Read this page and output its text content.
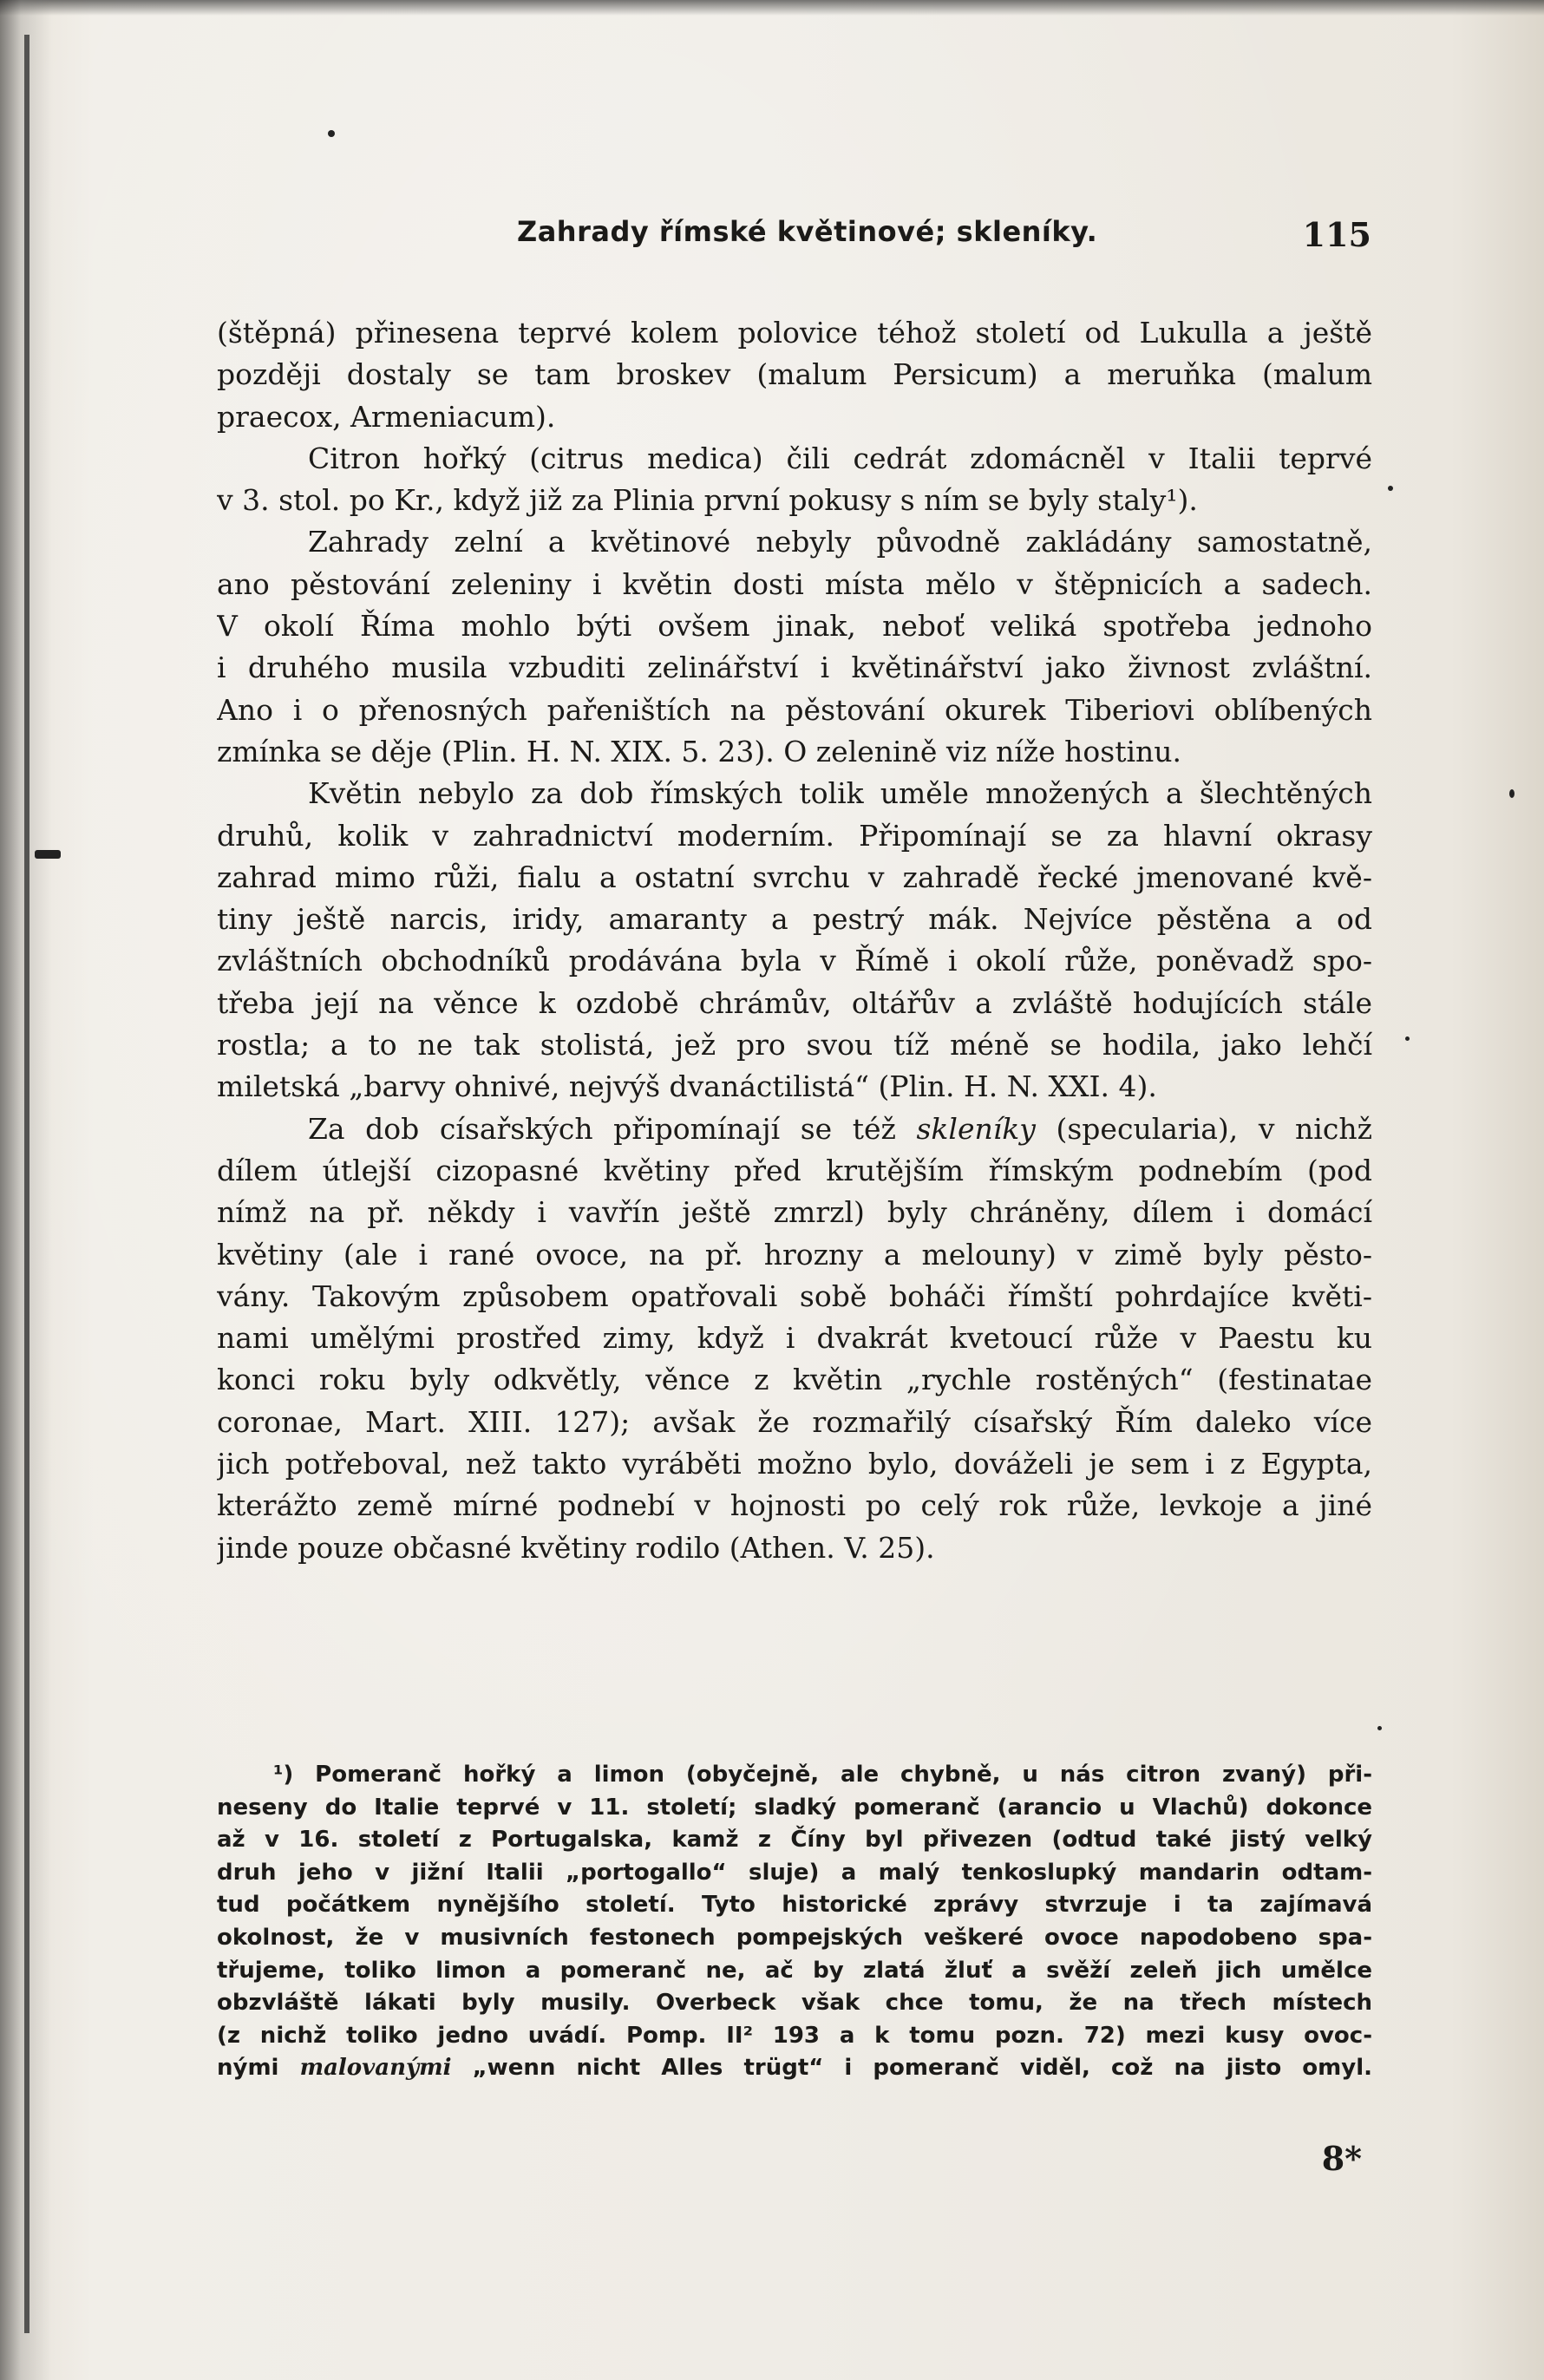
Zahrady římské květinové; skleníky.	115
(štěpná) přinesena teprvé kolem polovice téhož století od Lukulla a ještě
později dostaly se tam broskev (malum Persicum) a meruňka (malum
praecox, Armeniacum).
Citron hořký (citrus medica) čili cedrát zdomácněl v Italii teprvé
v 3. stol. po Kr., když již za Plinia první pokusy s ním se byly staly¹).
Zahrady zelní a květinové nebyly původně zakládány samostatně,
ano pěstování zeleniny i květin dosti místa mělo v štěpnicích a sadech.
V okolí Říma mohlo býti ovšem jinak, neboť veliká spotřeba jednoho
i druhého musila vzbuditi zelinářství i květinářství jako živnost zvláštní.
Ano i o přenosných pařeništích na pěstování okurek Tiberiovi oblíbených
zmínka se děje (Plin. H. N. XIX. 5. 23). O zelenině viz níže hostinu.
Květin nebylo za dob římských tolik uměle množených a šlechtěných
druhů, kolik v zahradnictví moderním. Připomínají se za hlavní okrasy
zahrad mimo růži, fialu a ostatní svrchu v zahradě řecké jmenované kvě-
tiny ještě narcis, iridy, amaranty a pestrý mák. Nejvíce pěstěna a od
zvláštních obchodníků prodávána byla v Římě i okolí růže, poněvadž spo-
třeba její na věnce k ozdobě chrámův, oltářův a zvláště hodujících stále
rostla; a to ne tak stolistá, jež pro svou tíž méně se hodila, jako lehčí
miletská „barvy ohnivé, nejvýš dvanáctilistá“ (Plin. H. N. XXI. 4).
Za dob císařských připomínají se též skleníky (specularia), v nichž
dílem útlejší cizopasné květiny před krutějším římským podnebím (pod
nímž na př. někdy i vavřín ještě zmrzl) byly chráněny, dílem i domácí
květiny (ale i rané ovoce, na př. hrozny a melouny) v zimě byly pěsto-
vány. Takovým způsobem opatřovali sobě boháči římští pohrdajíce květi-
nami umělými prostřed zimy, když i dvakrát kvetoucí růže v Paestu ku
konci roku byly odkvětly, věnce z květin „rychle rostěných“ (festinatae
coronae, Mart. XIII. 127); avšak že rozmařilý císařský Řím daleko více
jich potřeboval, než takto vyráběti možno bylo, dováželi je sem i z Egypta,
kterážto země mírné podnebí v hojnosti po celý rok růže, levkoje a jiné
jinde pouze občasné květiny rodilo (Athen. V. 25).
¹) Pomeranč hořký a limon (obyčejně, ale chybně, u nás citron zvaný) při-
neseny do Italie teprvé v 11. století; sladký pomeranč (arancio u Vlachů) dokonce
až v 16. století z Portugalska, kamž z Číny byl přivezen (odtud také jistý velký
druh jeho v jižní Italii „portogallo“ sluje) a malý tenkoslupký mandarin odtam-
tud počátkem nynějšího století. Tyto historické zprávy stvrzuje i ta zajímavá
okolnost, že v musivních festonech pompejských veškeré ovoce napodobeno spa-
třujeme, toliko limon a pomeranč ne, ač by zlatá žluť a svěží zeleň jich umělce
obzvláště lákati byly musily. Overbeck však chce tomu, že na třech místech
(z nichž toliko jedno uvádí. Pomp. II² 193 a k tomu pozn. 72) mezi kusy ovoc-
nými malovanými „wenn nicht Alles trügt“ i pomeranč viděl, což na jisto omyl.
8*
